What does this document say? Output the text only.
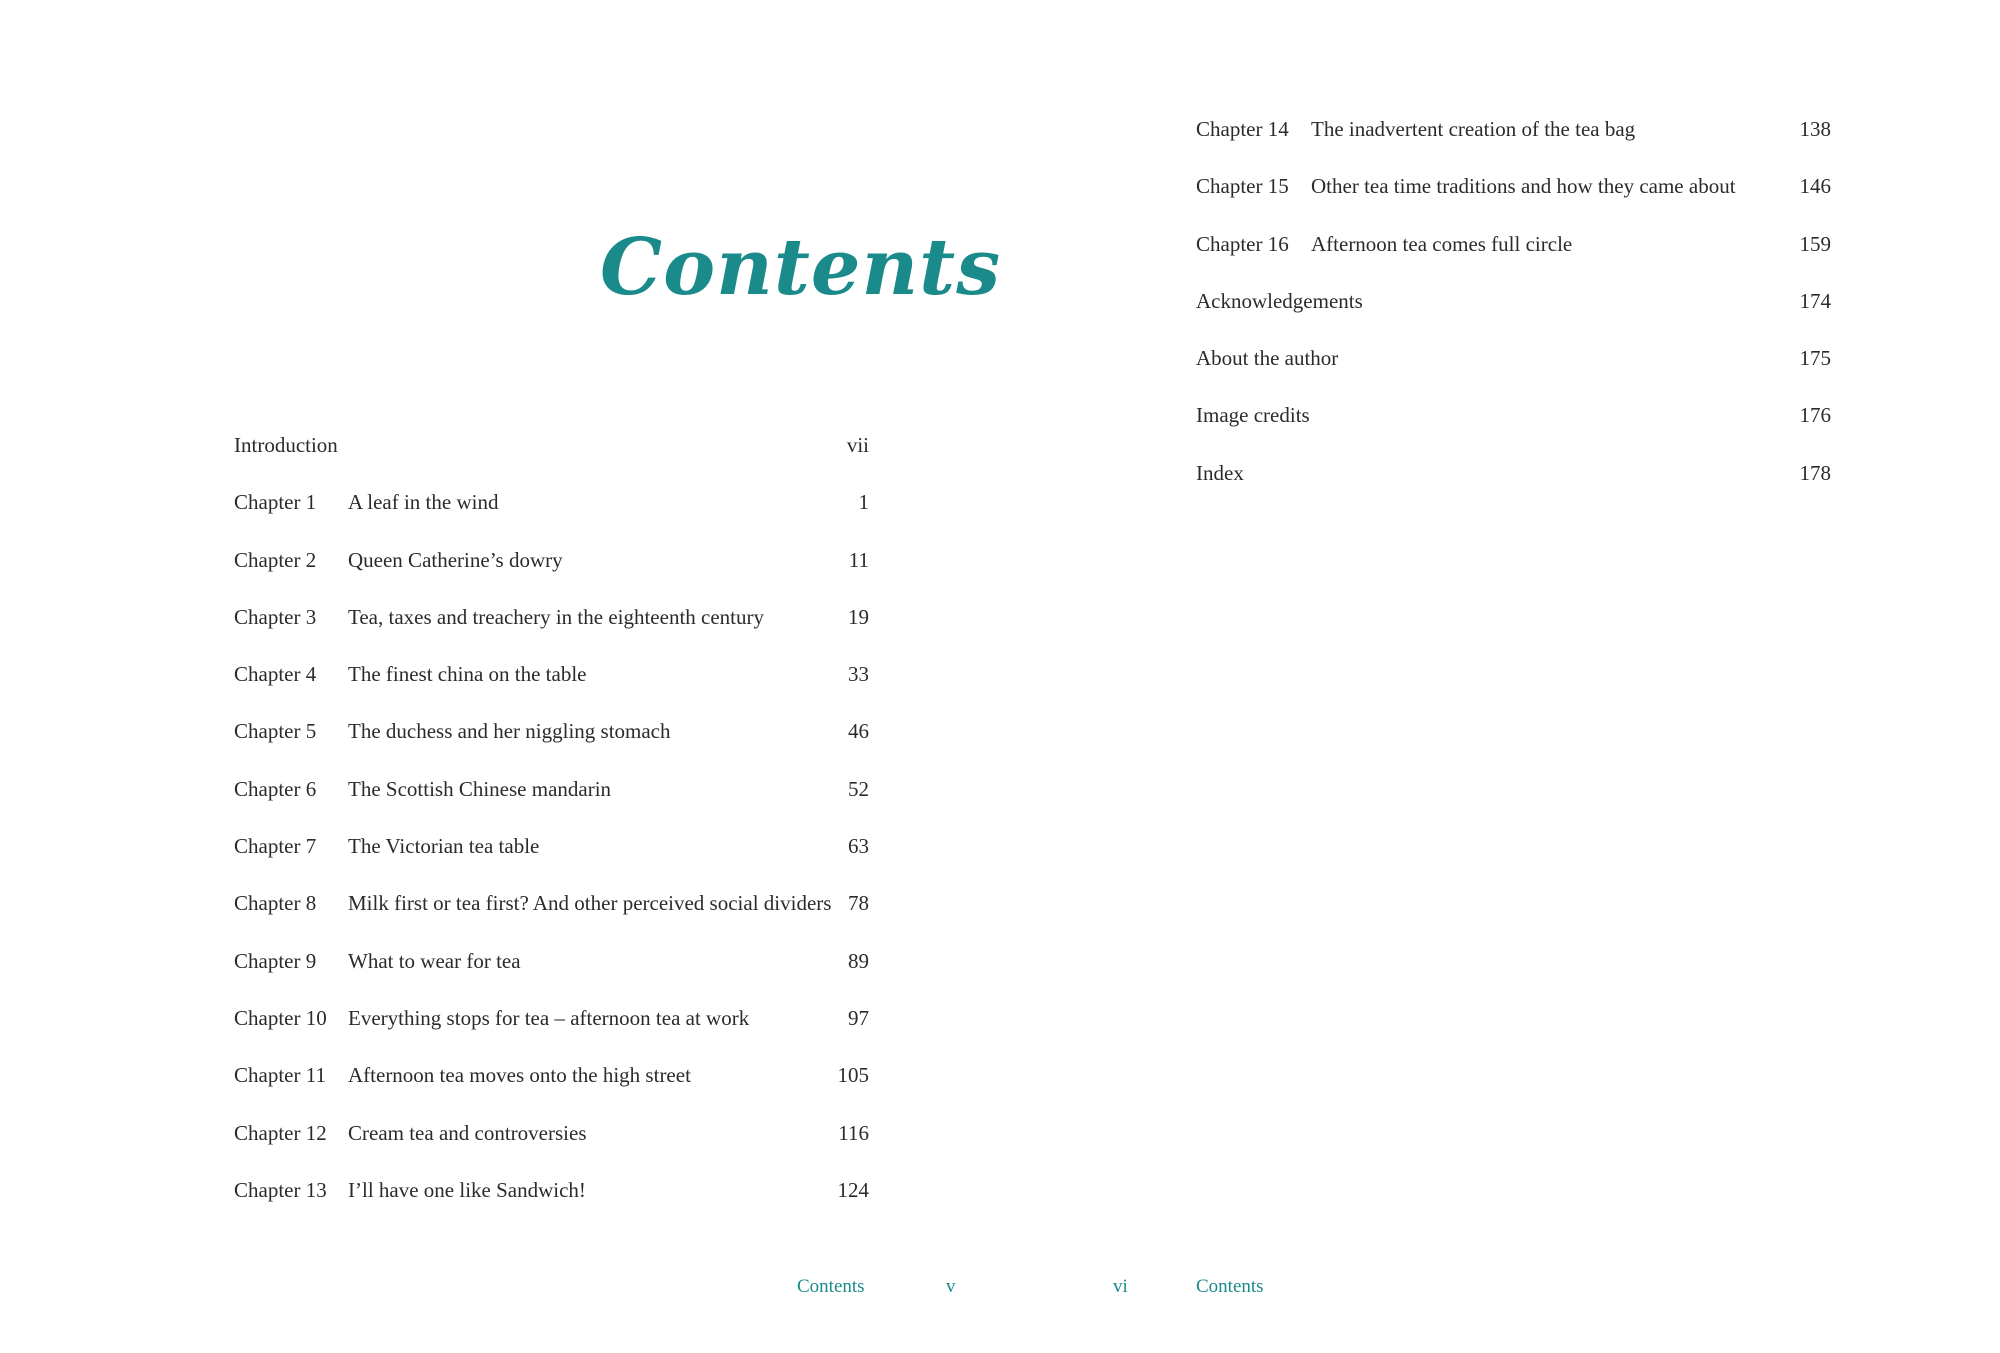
Contents
Introduction	vii
Chapter 1 A leaf in the wind	1
Chapter 2 Queen Catherine’s dowry	11
Chapter 3 Tea, taxes and treachery in the eighteenth century	19
Chapter 4 The finest china on the table	33
Chapter 5 The duchess and her niggling stomach	46
Chapter 6 The Scottish Chinese mandarin	52
Chapter 7 The Victorian tea table	63
Chapter 8 Milk first or tea first? And other perceived social dividers 78
Chapter 9 What to wear for tea	89
Chapter 10 Everything stops for tea – afternoon tea at work	97
Chapter 11 Afternoon tea moves onto the high street	105
Chapter 12 Cream tea and controversies	116
Chapter 13 I’ll have one like Sandwich!	124
Contents	v
Chapter 14 The inadvertent creation of the tea bag	138
Chapter 15 Other tea time traditions and how they came about	146
Chapter 16 Afternoon tea comes full circle	159
Acknowledgements	174
About the author	175
Image credits	176
Index	178
vi	Contents
